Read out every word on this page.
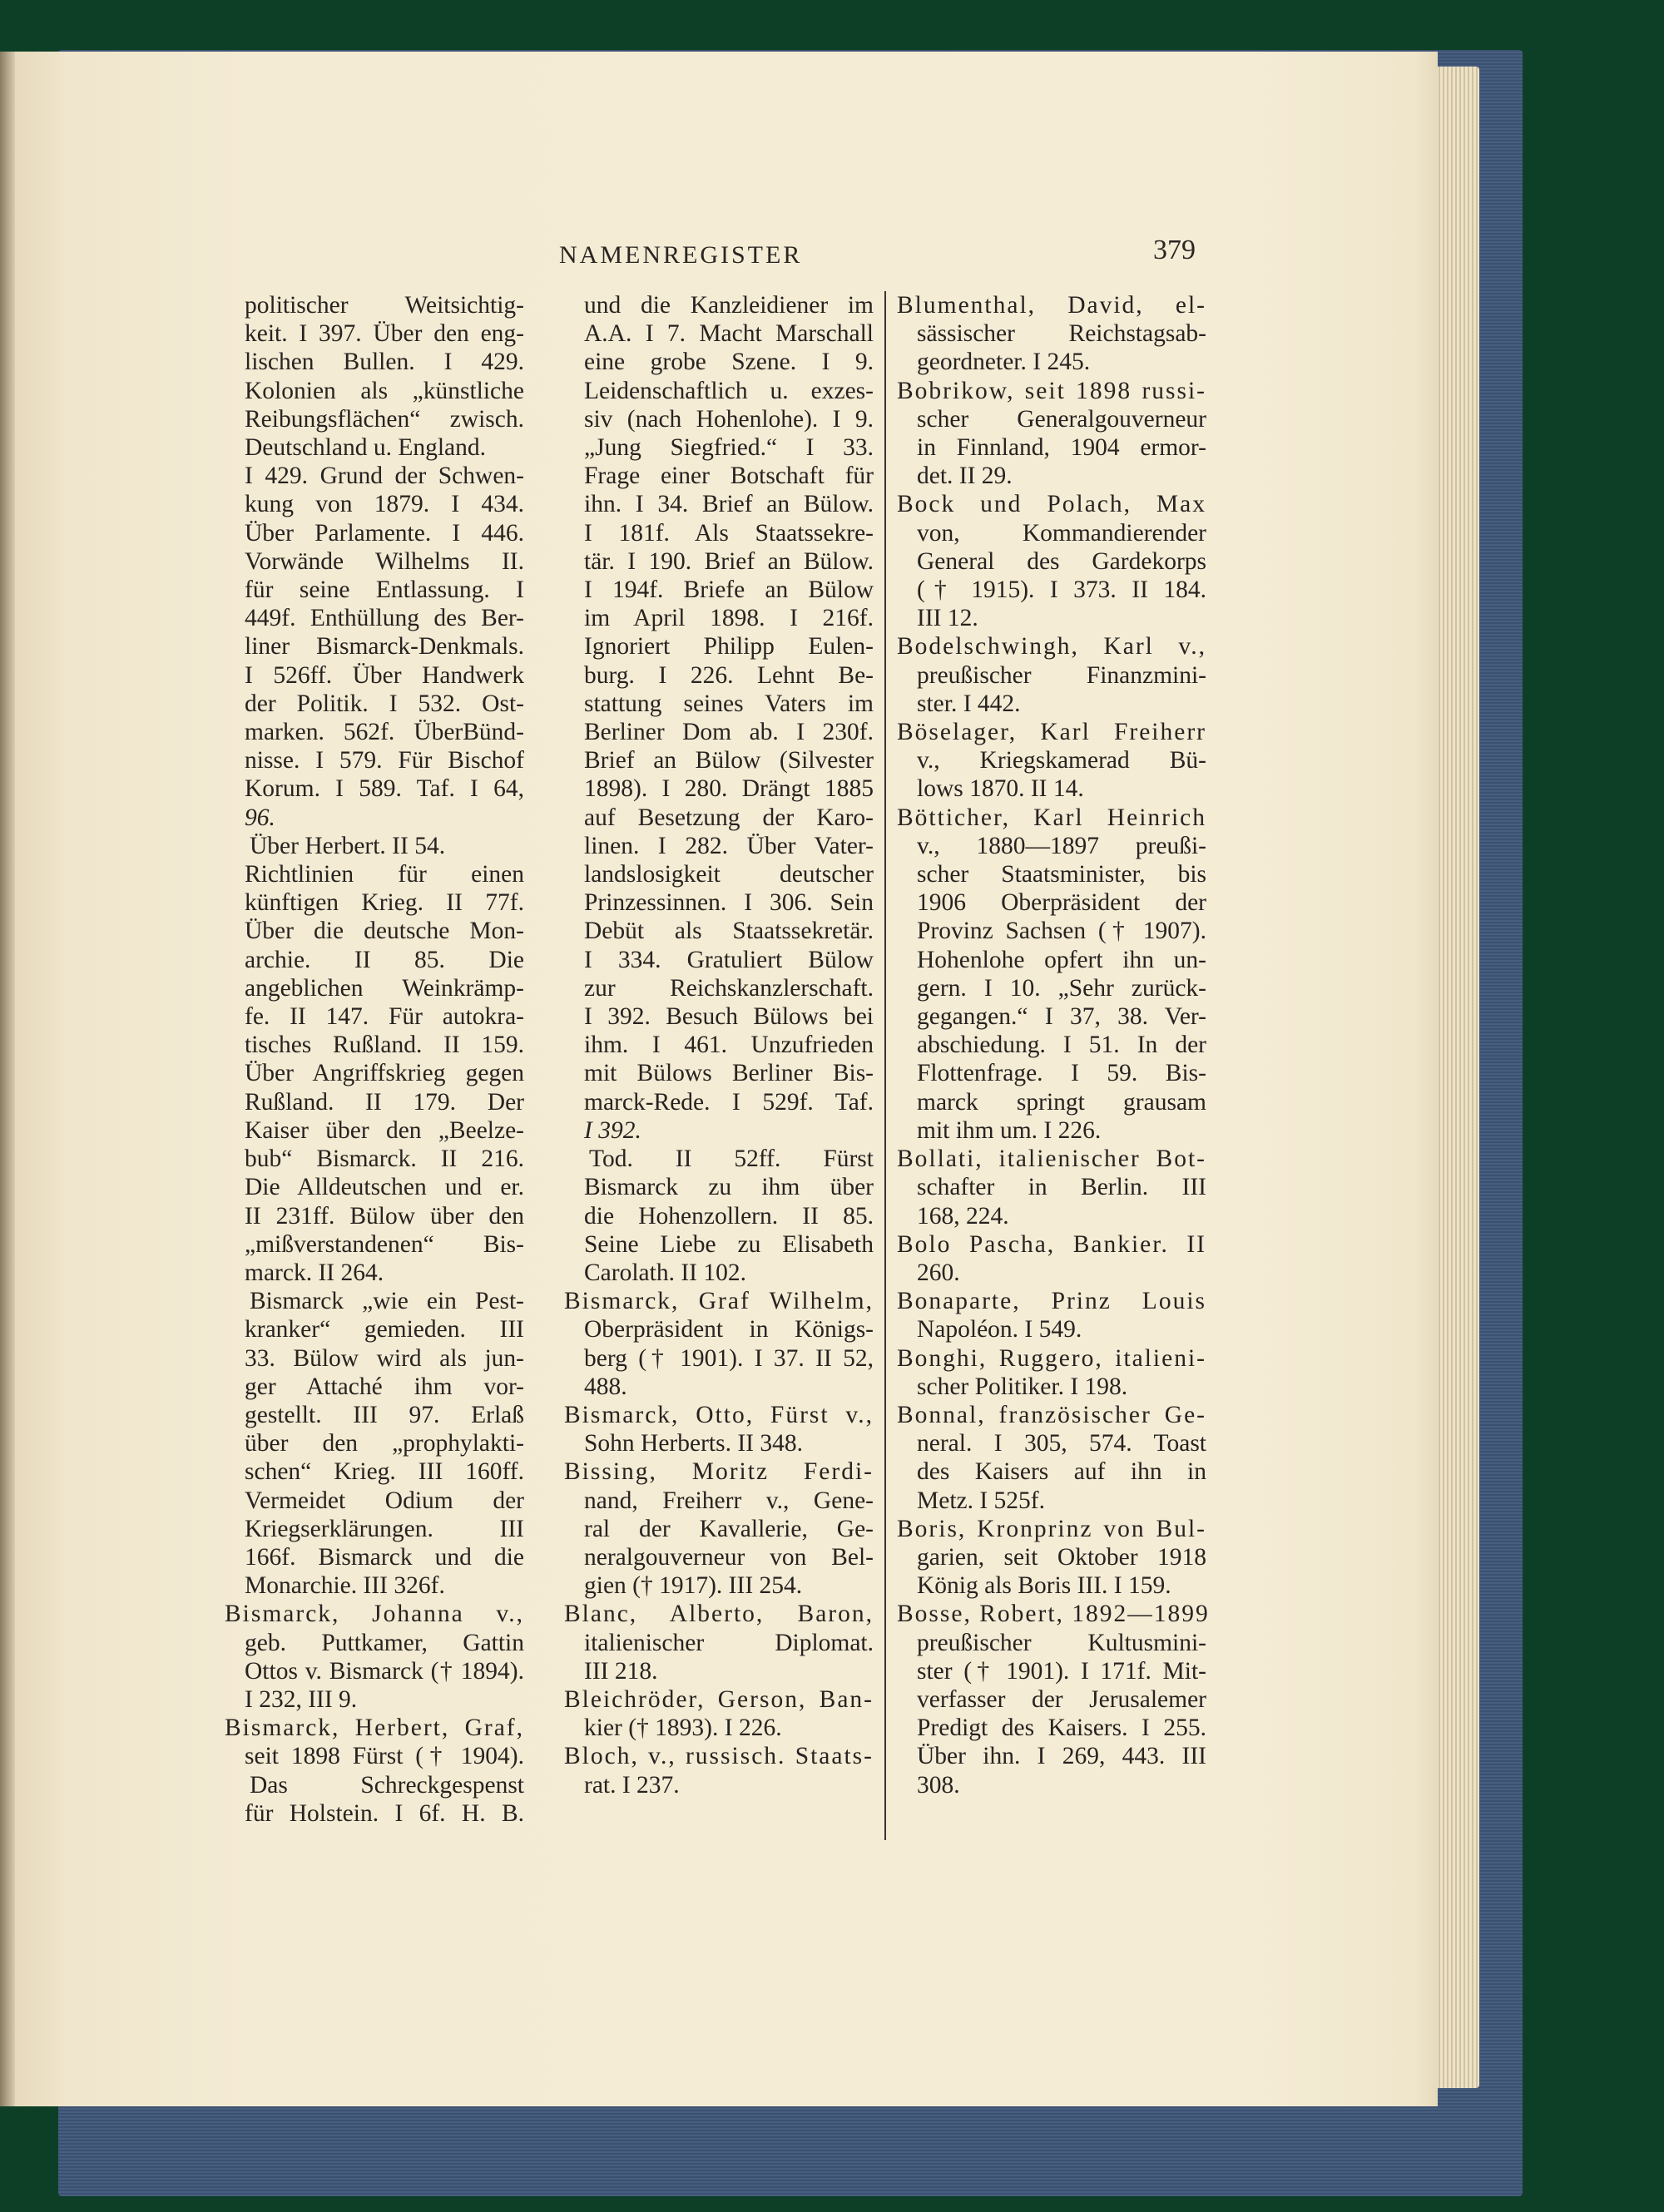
NAMENREGISTER	379
politischer Weitsichtig-
keit. I 397. Über den eng-
lischen Bullen. I 429.
Kolonien als „künstliche
Reibungsflächen“ zwisch.
Deutschland u. England.
I 429. Grund der Schwen-
kung von 1879. I 434.
Über Parlamente. I 446.
Vorwände Wilhelms II.
für seine Entlassung. I
449f. Enthüllung des Ber-
liner Bismarck-Denkmals.
I 526ff. Über Handwerk
der Politik. I 532. Ost-
marken. 562f. ÜberBünd-
nisse. I 579. Für Bischof
Korum. I 589. Taf. I 64,
96.
Über Herbert. II 54.
Richtlinien für einen
künftigen Krieg. II 77f.
Über die deutsche Mon-
archie. II 85. Die
angeblichen Weinkrämp-
fe. II 147. Für autokra-
tisches Rußland. II 159.
Über Angriffskrieg gegen
Rußland. II 179. Der
Kaiser über den „Beelze-
bub“ Bismarck. II 216.
Die Alldeutschen und er.
II 231ff. Bülow über den
„mißverstandenen“ Bis-
marck. II 264.
Bismarck „wie ein Pest-
kranker“ gemieden. III
33. Bülow wird als jun-
ger Attaché ihm vor-
gestellt. III 97. Erlaß
über den „prophylakti-
schen“ Krieg. III 160ff.
Vermeidet Odium der
Kriegserklärungen. III
166f. Bismarck und die
Monarchie. III 326f.
Bismarck, Johanna v.,
geb. Puttkamer, Gattin
Ottos v. Bismarck († 1894).
I 232, III 9.
Bismarck, Herbert, Graf,
seit 1898 Fürst († 1904).
Das Schreckgespenst
für Holstein. I 6f. H. B.
und die Kanzleidiener im
A.A. I 7. Macht Marschall
eine grobe Szene. I 9.
Leidenschaftlich u. exzes-
siv (nach Hohenlohe). I 9.
„Jung Siegfried.“ I 33.
Frage einer Botschaft für
ihn. I 34. Brief an Bülow.
I 181f. Als Staatssekre-
tär. I 190. Brief an Bülow.
I 194f. Briefe an Bülow
im April 1898. I 216f.
Ignoriert Philipp Eulen-
burg. I 226. Lehnt Be-
stattung seines Vaters im
Berliner Dom ab. I 230f.
Brief an Bülow (Silvester
1898). I 280. Drängt 1885
auf Besetzung der Karo-
linen. I 282. Über Vater-
landslosigkeit deutscher
Prinzessinnen. I 306. Sein
Debüt als Staatssekretär.
I 334. Gratuliert Bülow
zur Reichskanzlerschaft.
I 392. Besuch Bülows bei
ihm. I 461. Unzufrieden
mit Bülows Berliner Bis-
marck-Rede. I 529f. Taf.
I 392.
Tod. II 52ff. Fürst
Bismarck zu ihm über
die Hohenzollern. II 85.
Seine Liebe zu Elisabeth
Carolath. II 102.
Bismarck, Graf Wilhelm,
Oberpräsident in Königs-
berg († 1901). I 37. II 52,
488.
Bismarck, Otto, Fürst v.,
Sohn Herberts. II 348.
Bissing, Moritz Ferdi-
nand, Freiherr v., Gene-
ral der Kavallerie, Ge-
neralgouverneur von Bel-
gien († 1917). III 254.
Blanc, Alberto, Baron,
italienischer Diplomat.
III 218.
Bleichröder, Gerson, Ban-
kier († 1893). I 226.
Bloch, v., russisch. Staats-
rat. I 237.
Blumenthal, David, el-
sässischer Reichstagsab-
geordneter. I 245.
Bobrikow, seit 1898 russi-
scher Generalgouverneur
in Finnland, 1904 ermor-
det. II 29.
Bock und Polach, Max
von, Kommandierender
General des Gardekorps
(† 1915). I 373. II 184.
III 12.
Bodelschwingh, Karl v.,
preußischer Finanzmini-
ster. I 442.
Böselager, Karl Freiherr
v., Kriegskamerad Bü-
lows 1870. II 14.
Bötticher, Karl Heinrich
v., 1880—1897 preußi-
scher Staatsminister, bis
1906 Oberpräsident der
Provinz Sachsen († 1907).
Hohenlohe opfert ihn un-
gern. I 10. „Sehr zurück-
gegangen.“ I 37, 38. Ver-
abschiedung. I 51. In der
Flottenfrage. I 59. Bis-
marck springt grausam
mit ihm um. I 226.
Bollati, italienischer Bot-
schafter in Berlin. III
168, 224.
Bolo Pascha, Bankier. II
260.
Bonaparte, Prinz Louis
Napoléon. I 549.
Bonghi, Ruggero, italieni-
scher Politiker. I 198.
Bonnal, französischer Ge-
neral. I 305, 574. Toast
des Kaisers auf ihn in
Metz. I 525f.
Boris, Kronprinz von Bul-
garien, seit Oktober 1918
König als Boris III. I 159.
Bosse, Robert, 1892—1899
preußischer Kultusmini-
ster († 1901). I 171f. Mit-
verfasser der Jerusalemer
Predigt des Kaisers. I 255.
Über ihn. I 269, 443. III
308.
